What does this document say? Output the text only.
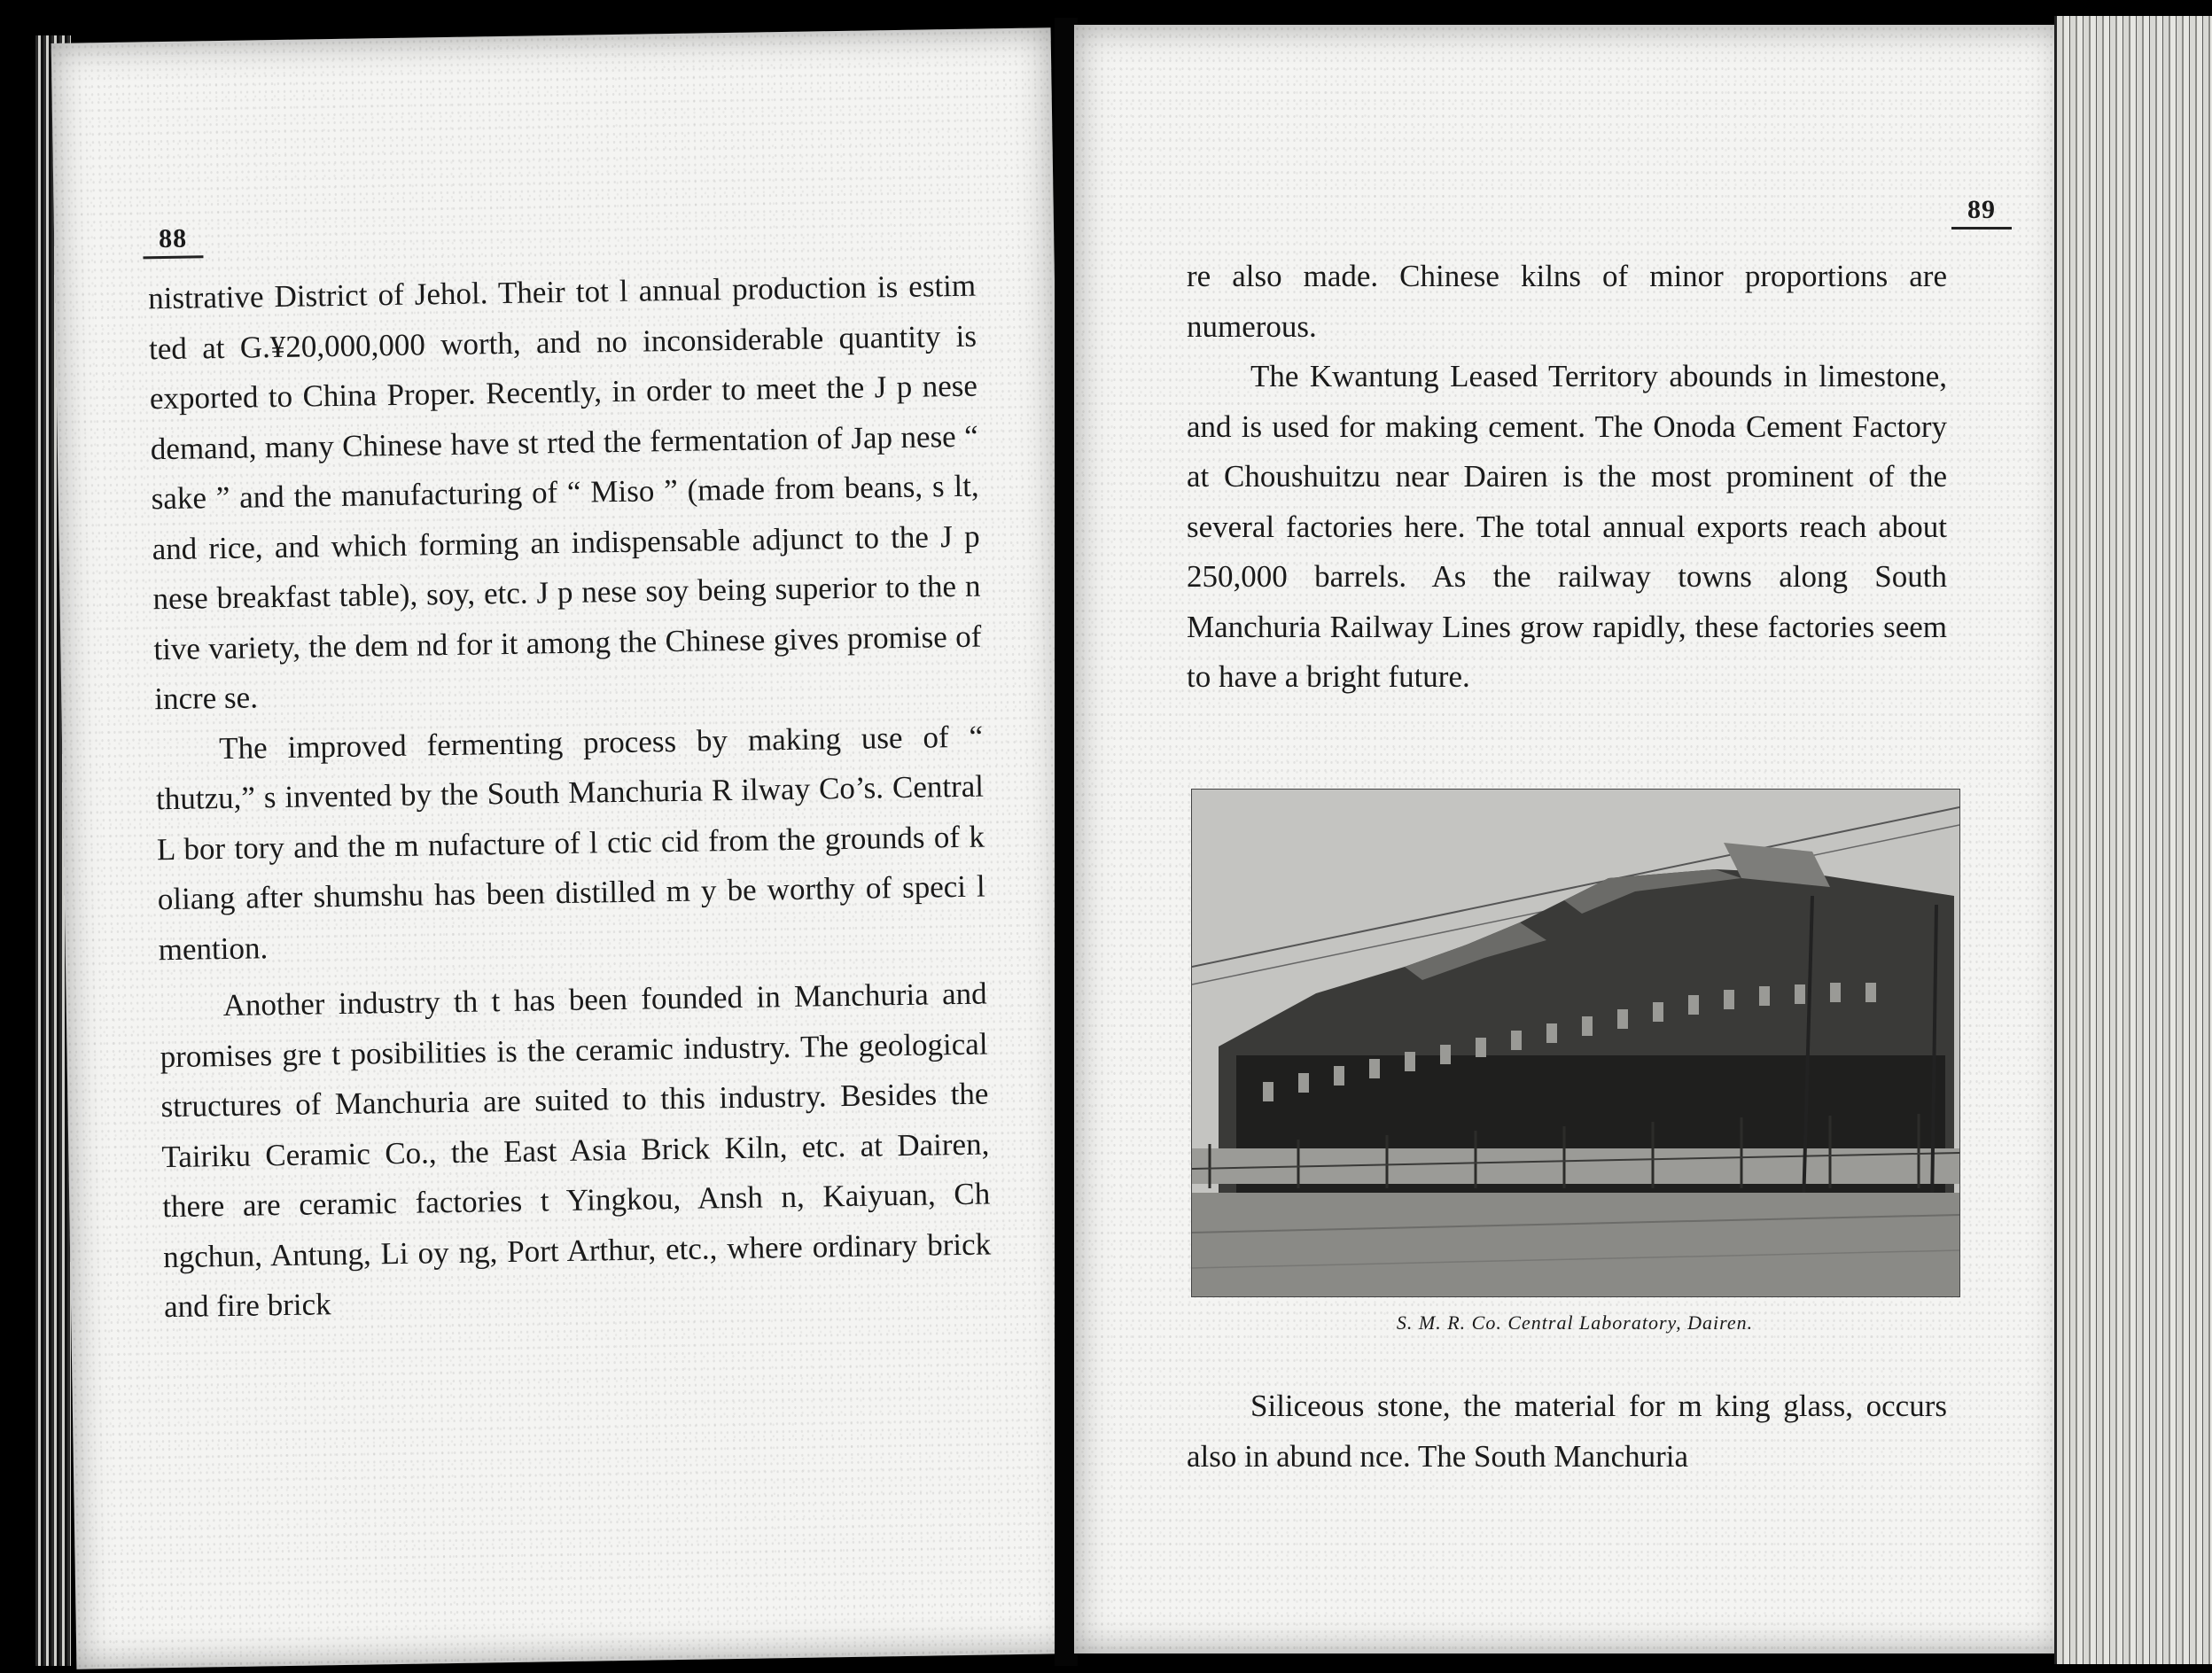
88

nistrative District of Jehol. Their tot l annual production is estim ted at G.¥20,000,000 worth, and no inconsiderable quantity is exported to China Proper. Recently, in order to meet the J p nese demand, many Chinese have st rted the fermentation of Jap nese “ sake ” and the manufacturing of “ Miso ” (made from beans, s lt, and rice, and which forming an indispensable adjunct to the J p nese breakfast table), soy, etc. J p nese soy being superior to the n tive variety, the dem nd for it among the Chinese gives promise of incre se.

The improved fermenting process by making use of “ thutzu,” s invented by the South Manchuria R ilway Co’s. Central L bor tory and the m nufacture of l ctic cid from the grounds of k oliang after shumshu has been distilled m y be worthy of speci l mention.

Another industry th t has been founded in Manchuria and promises gre t posibilities is the ceramic industry. The geological structures of Manchuria are suited to this industry. Besides the Tairiku Ceramic Co., the East Asia Brick Kiln, etc. at Dairen, there are ceramic factories t Yingkou, Ansh n, Kaiyuan, Ch ngchun, Antung, Li oy ng, Port Arthur, etc., where ordinary brick and fire brick

89

re also made. Chinese kilns of minor proportions are numerous.

The Kwantung Leased Territory abounds in limestone, and is used for making cement. The Onoda Cement Factory at Choushuitzu near Dairen is the most prominent of the several factories here. The total annual exports reach about 250,000 barrels. As the railway towns along South Manchuria Railway Lines grow rapidly, these factories seem to have a bright future.

S. M. R. Co. Central Laboratory, Dairen.

Siliceous stone, the material for m king glass, occurs also in abund nce. The South Manchuria
